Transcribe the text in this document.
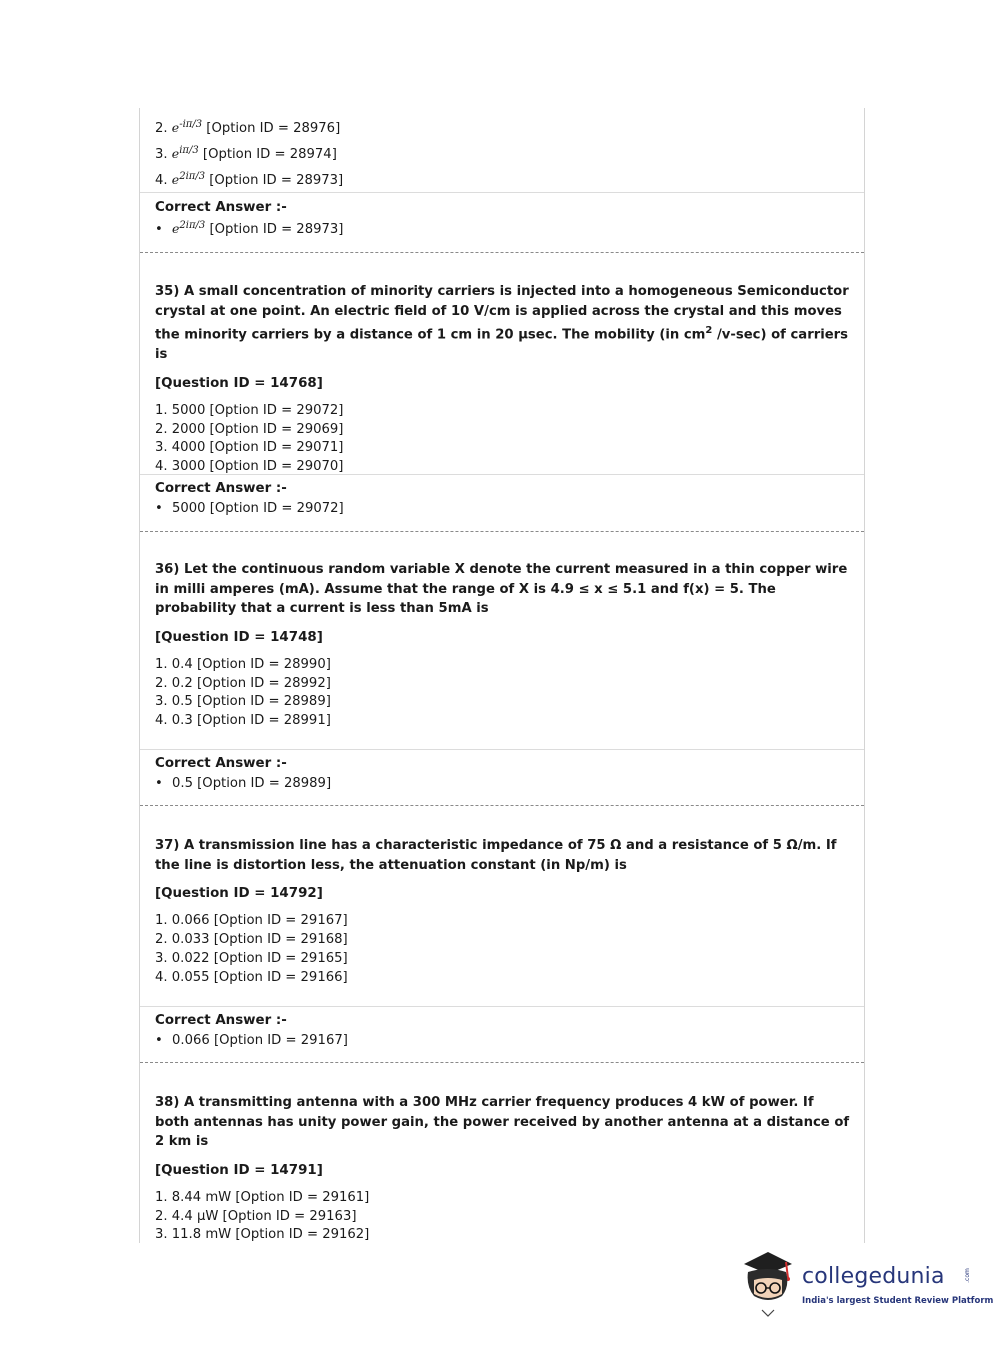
2. $e^{-i\pi/3}$ [Option ID = 28976]
3. $e^{i\pi/3}$ [Option ID = 28974]
4. $e^{2i\pi/3}$ [Option ID = 28973]
Correct Answer :-
• $e^{2i\pi/3}$ [Option ID = 28973]
35) A small concentration of minority carriers is injected into a homogeneous Semiconductor crystal at one point. An electric field of 10 V/cm is applied across the crystal and this moves the minority carriers by a distance of 1 cm in 20 µsec. The mobility (in $cm^2$ /v-sec) of carriers is
[Question ID = 14768]
1. 5000 [Option ID = 29072]
2. 2000 [Option ID = 29069]
3. 4000 [Option ID = 29071]
4. 3000 [Option ID = 29070]
Correct Answer :-
• 5000 [Option ID = 29072]
36) Let the continuous random variable X denote the current measured in a thin copper wire in milli amperes (mA). Assume that the range of X is 4.9 ≤ x ≤ 5.1 and f(x) = 5. The probability that a current is less than 5mA is
[Question ID = 14748]
1. 0.4 [Option ID = 28990]
2. 0.2 [Option ID = 28992]
3. 0.5 [Option ID = 28989]
4. 0.3 [Option ID = 28991]
Correct Answer :-
• 0.5 [Option ID = 28989]
37) A transmission line has a characteristic impedance of 75 Ω and a resistance of 5 Ω/m. If the line is distortion less, the attenuation constant (in Np/m) is
[Question ID = 14792]
1. 0.066 [Option ID = 29167]
2. 0.033 [Option ID = 29168]
3. 0.022 [Option ID = 29165]
4. 0.055 [Option ID = 29166]
Correct Answer :-
• 0.066 [Option ID = 29167]
38) A transmitting antenna with a 300 MHz carrier frequency produces 4 kW of power. If both antennas has unity power gain, the power received by another antenna at a distance of 2 km is
[Question ID = 14791]
1. 8.44 mW [Option ID = 29161]
2. 4.4 µW [Option ID = 29163]
3. 11.8 mW [Option ID = 29162]
collegedunia	.com
India's largest Student Review Platform
